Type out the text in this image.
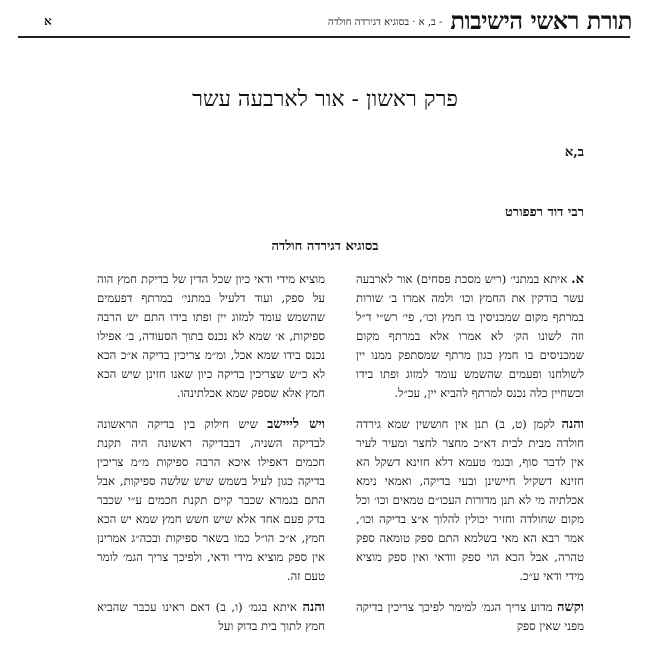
א	תורת ראשי הישיבות
- ב, א · בסוגיא דגירדה חולדה
פרק ראשון - אור לארבעה עשר
ב,א
רבי דוד רפפורט
בסוגיא דגירדה חולדה

א. איתא במתני׳ (ריש מסכת פסחים) אור לארבעה עשר בודקין את החמץ וכו׳ ולמה אמרו ב׳ שורות במרתף מקום שמכניסין בו חמץ וכו׳, פי׳ רש״י ד״ל וזה לשונו הק׳ לא אמרו אלא במרתף מקום שמכניסים בו חמץ כגון מרתף שמסתפק ממנו יין לשולחנו ופעמים שהשמש עומד למזוג ופתו בידו וכשחיין כלה נכנס למרתף להביא יין, עכ״ל.

והנה לקמן (ט, ב) תנן אין חוששין שמא גירדה חולדה מבית לבית דא״כ מחצר לחצר ומעיר לעיר אין לדבר סוף, ובגמ׳ טעמא דלא חזינא דשקל הא חזינא דשקיל חיישינן ובעי בדיקה, ואמאי נימא אכלתיה מי לא תנן מדורות העכו״ם טמאים וכו׳ וכל מקום שחולדה וחזיר יכולין להלוך א״צ בדיקה וכו׳, אמר רבא הא מאי בשלמא התם ספק טומאה ספק טהרה, אבל הכא הוי ספק וודאי ואין ספק מוציא מידי ודאי ע״כ.

וקשה מדוע צריך הגמ׳ למימר לפיכך צריכין בדיקה מפני שאין ספק

מוציא מידי ודאי כיון שכל הדין של בדיקת חמץ הוה על ספק, ועוד דלעיל במתני׳ במרתף דפעמים שהשמש עומד למזוג יין ופתו בידו התם יש הרבה ספיקות, א׳ שמא לא נכנס בתוך הסעודה, ב׳ אפילו נכנס בידו שמא אכל, ומ״מ צריכין בדיקה א״כ הכא לא כ״ש שצריכין בדיקה כיון שאנו חזינן שיש הכא חמץ אלא שספק שמא אכלתינהו.

ויש לייישב שיש חילוק בין בדיקה הראשונה לבדיקה השניה, דבבדיקה ראשונה היה תקנת חכמים דאפילו איכא הרבה ספיקות מ״מ צריכין בדיקה כגון לעיל בשמש שיש שלשה ספיקות, אבל התם בגמרא שכבר קיים תקנת חכמים ע״י שכבר בדק פעם אחד אלא שיש חשש חמץ שמא יש הכא חמץ, א״כ הו״ל כמו בשאר ספיקות ובכה״ג אמרינן אין ספק מוציא מידי ודאי, ולפיכך צריך הגמ׳ לומר טעם זה.

והנה איתא בגמ׳ (ו, ב) דאם ראינו עכבר שהביא חמץ לתוך בית בדוק ועל
